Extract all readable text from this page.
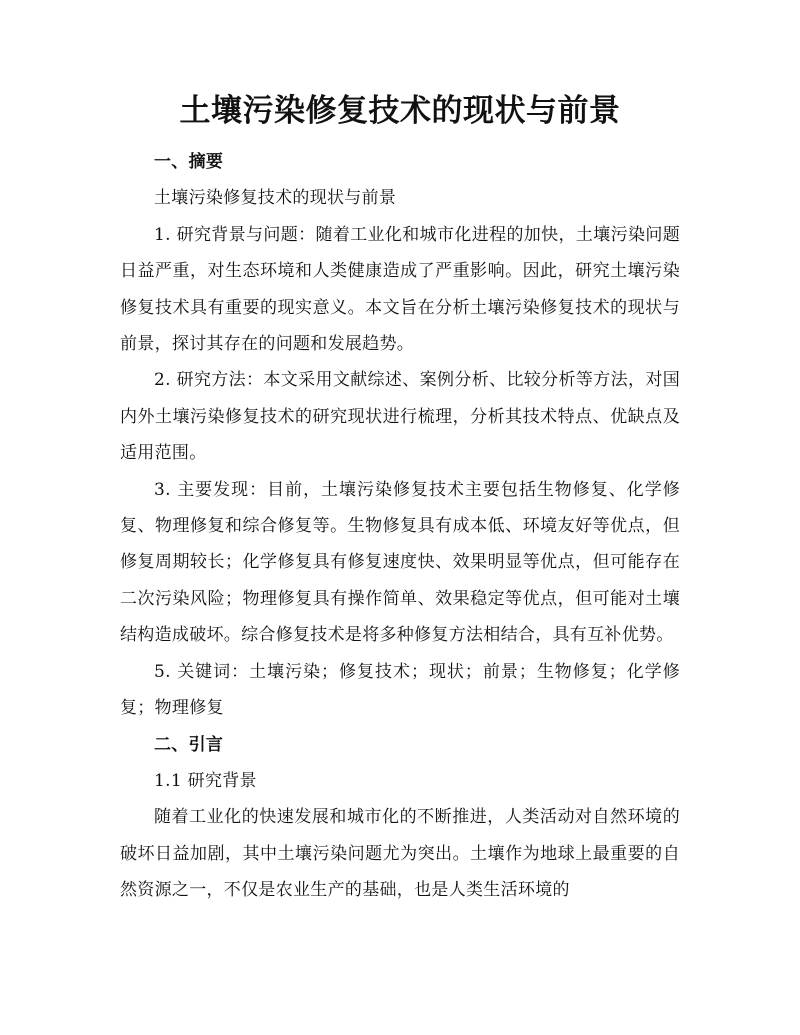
土壤污染修复技术的现状与前景

一、摘要

土壤污染修复技术的现状与前景

1. 研究背景与问题：随着工业化和城市化进程的加快，土壤污染问题日益严重，对生态环境和人类健康造成了严重影响。因此，研究土壤污染修复技术具有重要的现实意义。本文旨在分析土壤污染修复技术的现状与前景，探讨其存在的问题和发展趋势。

2. 研究方法：本文采用文献综述、案例分析、比较分析等方法，对国内外土壤污染修复技术的研究现状进行梳理，分析其技术特点、优缺点及适用范围。

3. 主要发现：目前，土壤污染修复技术主要包括生物修复、化学修复、物理修复和综合修复等。生物修复具有成本低、环境友好等优点，但修复周期较长；化学修复具有修复速度快、效果明显等优点，但可能存在二次污染风险；物理修复具有操作简单、效果稳定等优点，但可能对土壤结构造成破坏。综合修复技术是将多种修复方法相结合，具有互补优势。

5. 关键词：土壤污染；修复技术；现状；前景；生物修复；化学修复；物理修复

二、引言

1.1 研究背景

随着工业化的快速发展和城市化的不断推进，人类活动对自然环境的破坏日益加剧，其中土壤污染问题尤为突出。土壤作为地球上最重要的自然资源之一，不仅是农业生产的基础，也是人类生活环境的
